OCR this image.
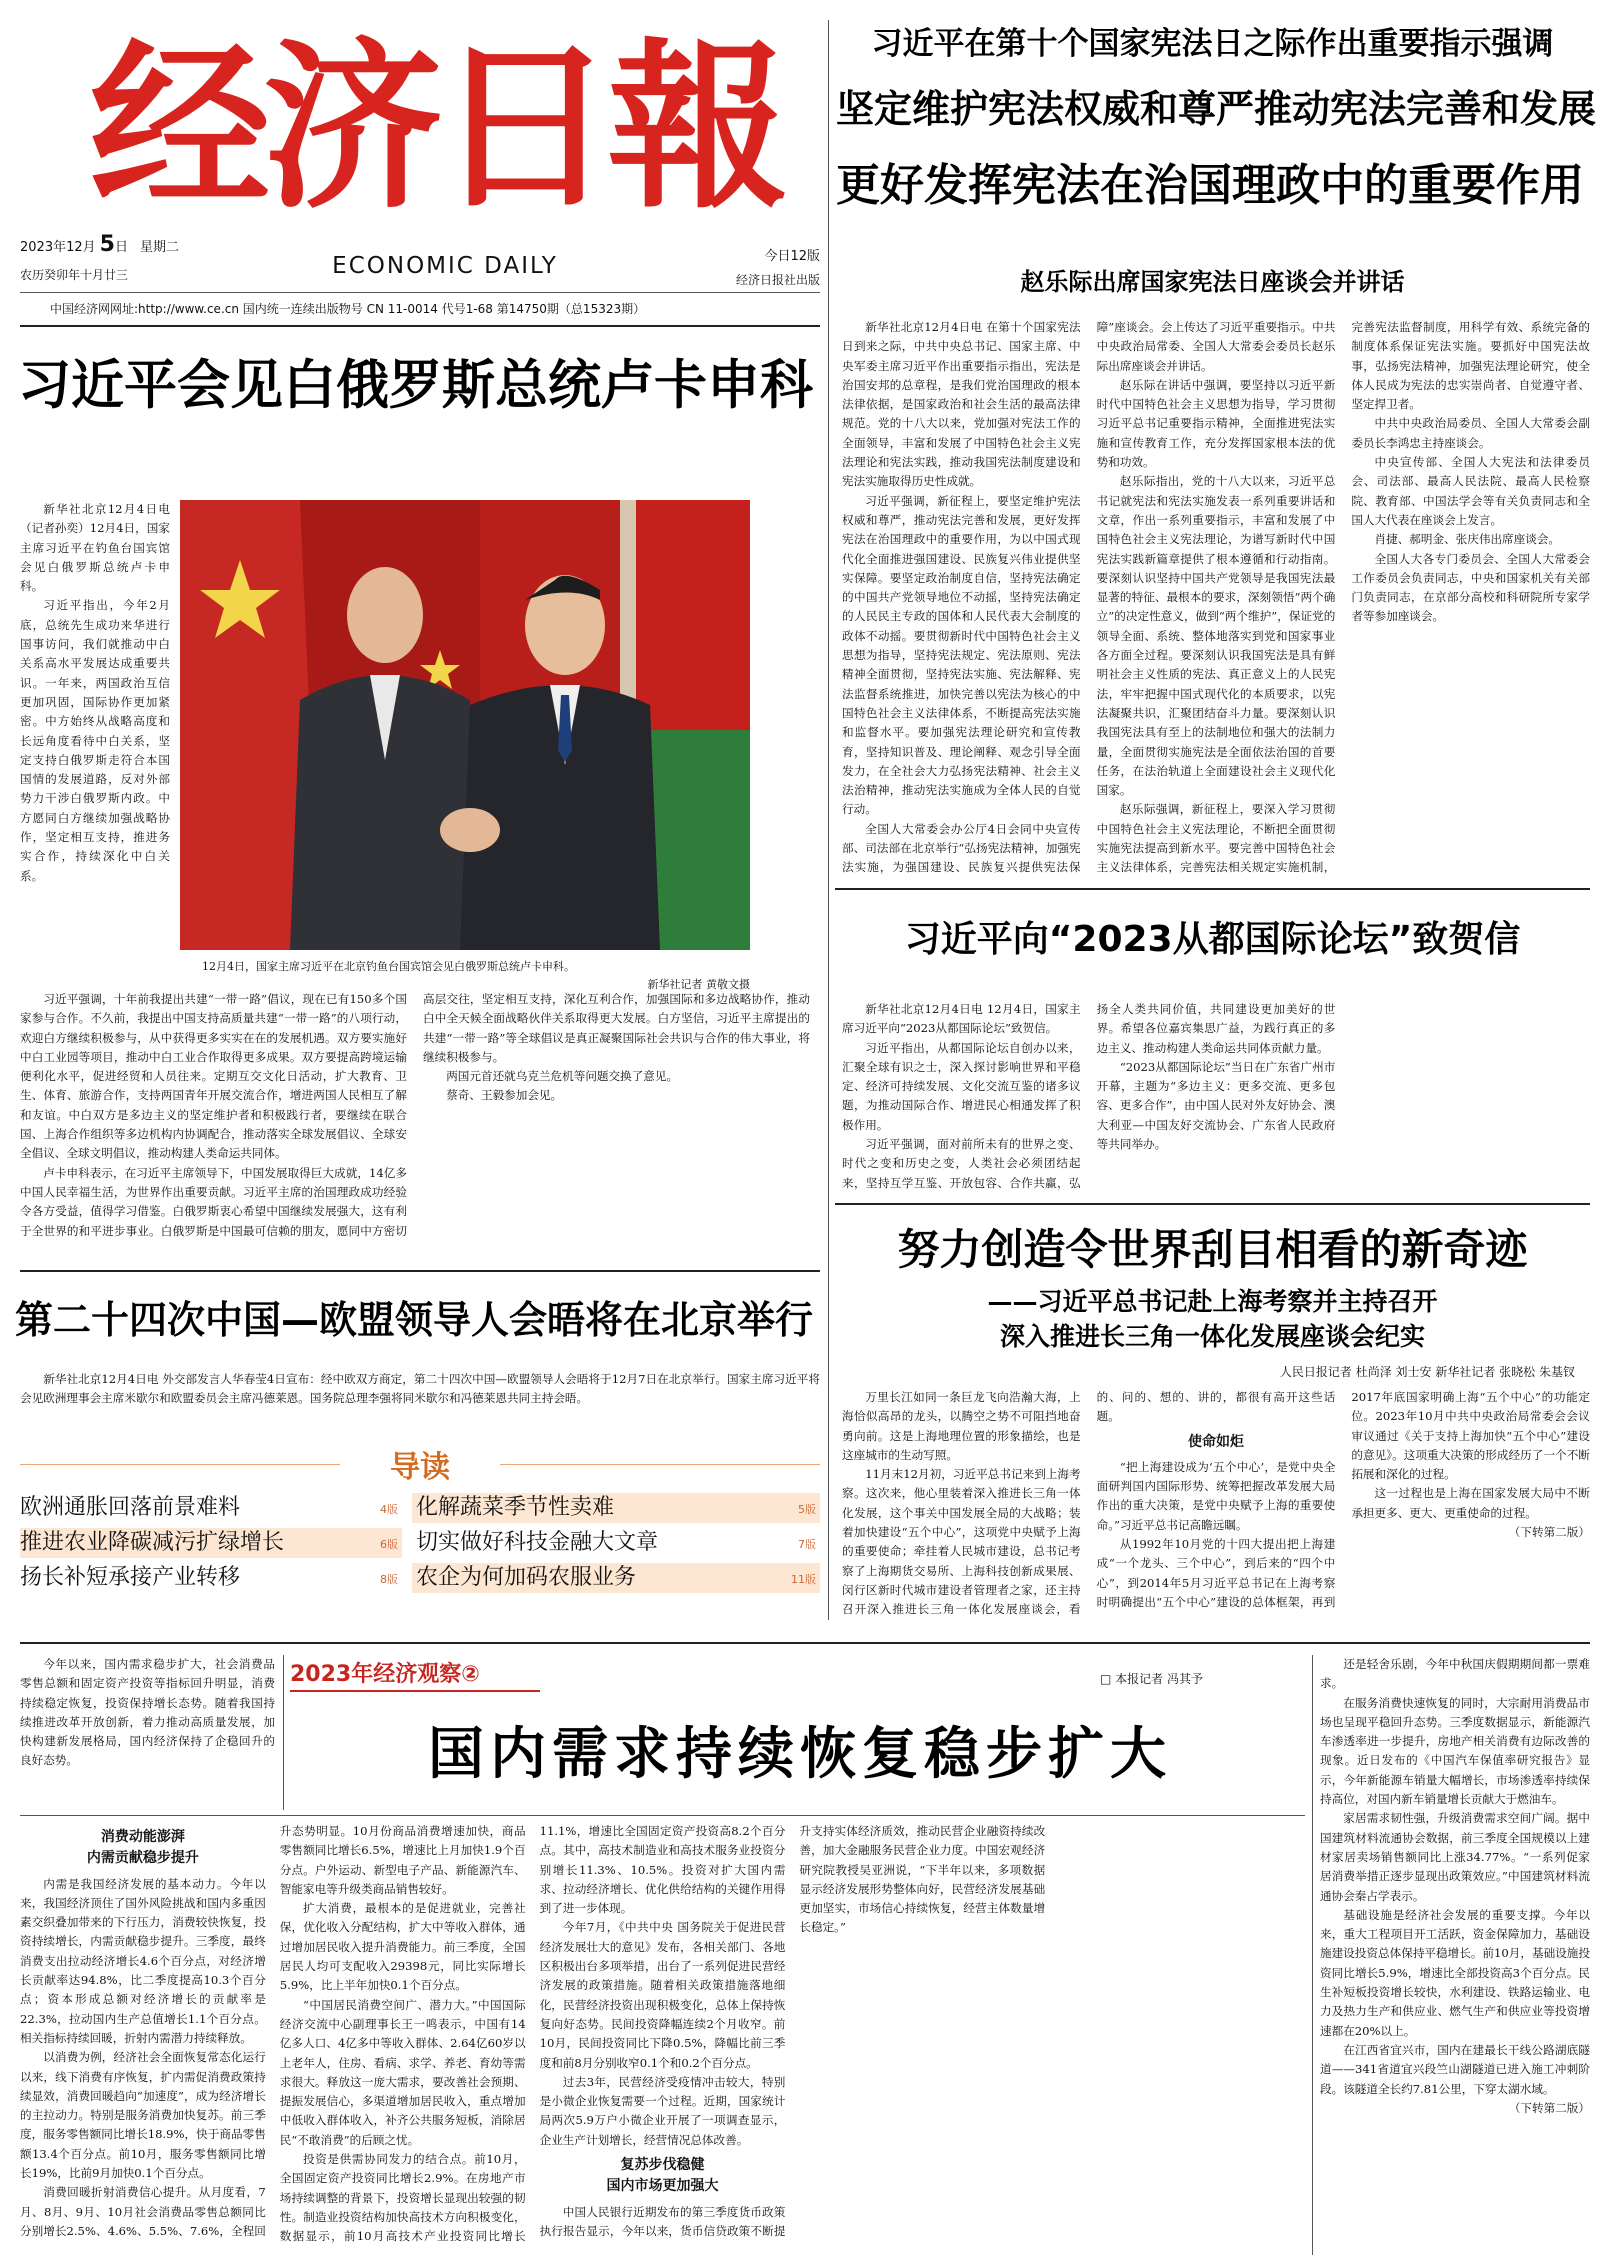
经济日報
2023年12月 5日 星期二
ECONOMIC DAILY
农历癸卯年十月廿三
今日12版
经济日报社出版
中国经济网网址:http://www.ce.cn 国内统一连续出版物号 CN 11-0014 代号1-68 第14750期（总15323期）
习近平会见白俄罗斯总统卢卡申科

新华社北京12月4日电（记者孙奕）12月4日，国家主席习近平在钓鱼台国宾馆会见白俄罗斯总统卢卡申科。

习近平指出，今年2月底，总统先生成功来华进行国事访问，我们就推动中白关系高水平发展达成重要共识。一年来，两国政治互信更加巩固，国际协作更加紧密。中方始终从战略高度和长远角度看待中白关系，坚定支持白俄罗斯走符合本国国情的发展道路，反对外部势力干涉白俄罗斯内政。中方愿同白方继续加强战略协作，坚定相互支持，推进务实合作，持续深化中白关系。

12月4日，国家主席习近平在北京钓鱼台国宾馆会见白俄罗斯总统卢卡申科。
新华社记者 黄敬文摄

习近平强调，十年前我提出共建“一带一路”倡议，现在已有150多个国家参与合作。不久前，我提出中国支持高质量共建“一带一路”的八项行动，欢迎白方继续积极参与，从中获得更多实实在在的发展机遇。双方要实施好中白工业园等项目，推动中白工业合作取得更多成果。双方要提高跨境运输便利化水平，促进经贸和人员往来。定期互交文化日活动，扩大教育、卫生、体育、旅游合作，支持两国青年开展交流合作，增进两国人民相互了解和友谊。中白双方是多边主义的坚定维护者和积极践行者，要继续在联合国、上海合作组织等多边机构内协调配合，推动落实全球发展倡议、全球安全倡议、全球文明倡议，推动构建人类命运共同体。

卢卡申科表示，在习近平主席领导下，中国发展取得巨大成就，14亿多中国人民幸福生活，为世界作出重要贡献。习近平主席的治国理政成功经验令各方受益，值得学习借鉴。白俄罗斯衷心希望中国继续发展强大，这有利于全世界的和平进步事业。白俄罗斯是中国最可信赖的朋友，愿同中方密切高层交往，坚定相互支持，深化互利合作，加强国际和多边战略协作，推动白中全天候全面战略伙伴关系取得更大发展。白方坚信，习近平主席提出的共建“一带一路”等全球倡议是真正凝聚国际社会共识与合作的伟大事业，将继续积极参与。

两国元首还就乌克兰危机等问题交换了意见。

蔡奇、王毅参加会见。

第二十四次中国—欧盟领导人会晤将在北京举行

新华社北京12月4日电 外交部发言人华春莹4日宣布：经中欧双方商定，第二十四次中国—欧盟领导人会晤将于12月7日在北京举行。国家主席习近平将会见欧洲理事会主席米歇尔和欧盟委员会主席冯德莱恩。国务院总理李强将同米歇尔和冯德莱恩共同主持会晤。

导读
欧洲通胀回落前景难料	4版 化解蔬菜季节性卖难	5版
推进农业降碳减污扩绿增长	6版 切实做好科技金融大文章	7版
扬长补短承接产业转移	8版 农企为何加码农服业务	11版
习近平在第十个国家宪法日之际作出重要指示强调
坚定维护宪法权威和尊严推动宪法完善和发展
更好发挥宪法在治国理政中的重要作用
赵乐际出席国家宪法日座谈会并讲话

新华社北京12月4日电 在第十个国家宪法日到来之际，中共中央总书记、国家主席、中央军委主席习近平作出重要指示指出，宪法是治国安邦的总章程，是我们党治国理政的根本法律依据，是国家政治和社会生活的最高法律规范。党的十八大以来，党加强对宪法工作的全面领导，丰富和发展了中国特色社会主义宪法理论和宪法实践，推动我国宪法制度建设和宪法实施取得历史性成就。

习近平强调，新征程上，要坚定维护宪法权威和尊严，推动宪法完善和发展，更好发挥宪法在治国理政中的重要作用，为以中国式现代化全面推进强国建设、民族复兴伟业提供坚实保障。要坚定政治制度自信，坚持宪法确定的中国共产党领导地位不动摇，坚持宪法确定的人民民主专政的国体和人民代表大会制度的政体不动摇。要贯彻新时代中国特色社会主义思想为指导，坚持宪法规定、宪法原则、宪法精神全面贯彻，坚持宪法实施、宪法解释、宪法监督系统推进，加快完善以宪法为核心的中国特色社会主义法律体系，不断提高宪法实施和监督水平。要加强宪法理论研究和宣传教育，坚持知识普及、理论阐释、观念引导全面发力，在全社会大力弘扬宪法精神、社会主义法治精神，推动宪法实施成为全体人民的自觉行动。

全国人大常委会办公厅4日会同中央宣传部、司法部在北京举行“弘扬宪法精神，加强宪法实施，为强国建设、民族复兴提供宪法保障”座谈会。会上传达了习近平重要指示。中共中央政治局常委、全国人大常委会委员长赵乐际出席座谈会并讲话。

赵乐际在讲话中强调，要坚持以习近平新时代中国特色社会主义思想为指导，学习贯彻习近平总书记重要指示精神，全面推进宪法实施和宣传教育工作，充分发挥国家根本法的优势和功效。

赵乐际指出，党的十八大以来，习近平总书记就宪法和宪法实施发表一系列重要讲话和文章，作出一系列重要指示，丰富和发展了中国特色社会主义宪法理论，为谱写新时代中国宪法实践新篇章提供了根本遵循和行动指南。要深刻认识坚持中国共产党领导是我国宪法最显著的特征、最根本的要求，深刻领悟“两个确立”的决定性意义，做到“两个维护”，保证党的领导全面、系统、整体地落实到党和国家事业各方面全过程。要深刻认识我国宪法是具有鲜明社会主义性质的宪法、真正意义上的人民宪法，牢牢把握中国式现代化的本质要求，以宪法凝聚共识，汇聚团结奋斗力量。要深刻认识我国宪法具有至上的法制地位和强大的法制力量，全面贯彻实施宪法是全面依法治国的首要任务，在法治轨道上全面建设社会主义现代化国家。

赵乐际强调，新征程上，要深入学习贯彻中国特色社会主义宪法理论，不断把全面贯彻实施宪法提高到新水平。要完善中国特色社会主义法律体系，完善宪法相关规定实施机制，完善宪法监督制度，用科学有效、系统完备的制度体系保证宪法实施。要抓好中国宪法故事，弘扬宪法精神，加强宪法理论研究，使全体人民成为宪法的忠实崇尚者、自觉遵守者、坚定捍卫者。

中共中央政治局委员、全国人大常委会副委员长李鸿忠主持座谈会。

中央宣传部、全国人大宪法和法律委员会、司法部、最高人民法院、最高人民检察院、教育部、中国法学会等有关负责同志和全国人大代表在座谈会上发言。

肖捷、郝明金、张庆伟出席座谈会。

全国人大各专门委员会、全国人大常委会工作委员会负责同志，中央和国家机关有关部门负责同志，在京部分高校和科研院所专家学者等参加座谈会。

习近平向“2023从都国际论坛”致贺信

新华社北京12月4日电 12月4日，国家主席习近平向“2023从都国际论坛”致贺信。

习近平指出，从都国际论坛自创办以来，汇聚全球有识之士，深入探讨影响世界和平稳定、经济可持续发展、文化交流互鉴的诸多议题，为推动国际合作、增进民心相通发挥了积极作用。

习近平强调，面对前所未有的世界之变、时代之变和历史之变，人类社会必须团结起来，坚持互学互鉴、开放包容、合作共赢，弘扬全人类共同价值，共同建设更加美好的世界。希望各位嘉宾集思广益，为践行真正的多边主义、推动构建人类命运共同体贡献力量。

“2023从都国际论坛”当日在广东省广州市开幕，主题为“多边主义：更多交流、更多包容、更多合作”，由中国人民对外友好协会、澳大利亚—中国友好交流协会、广东省人民政府等共同举办。

努力创造令世界刮目相看的新奇迹
——习近平总书记赴上海考察并主持召开
深入推进长三角一体化发展座谈会纪实
人民日报记者 杜尚泽 刘士安 新华社记者 张晓松 朱基钗

万里长江如同一条巨龙飞向浩瀚大海，上海恰似高昂的龙头，以腾空之势不可阻挡地奋勇向前。这是上海地理位置的形象描绘，也是这座城市的生动写照。

11月末12月初，习近平总书记来到上海考察。这次来，他心里装着深入推进长三角一体化发展，这个事关中国发展全局的大战略；装着加快建设“五个中心”，这项党中央赋予上海的重要使命；牵挂着人民城市建设，总书记考察了上海期货交易所、上海科技创新成果展、闵行区新时代城市建设者管理者之家，还主持召开深入推进长三角一体化发展座谈会，看的、问的、想的、讲的，都很有高开这些话题。

使命如炬

“把上海建设成为‘五个中心’，是党中央全面研判国内国际形势、统筹把握改革发展大局作出的重大决策，是党中央赋予上海的重要使命。”习近平总书记高瞻远瞩。

从1992年10月党的十四大提出把上海建成“一个龙头、三个中心”，到后来的“四个中心”，到2014年5月习近平总书记在上海考察时明确提出“五个中心”建设的总体框架，再到2017年底国家明确上海“五个中心”的功能定位。2023年10月中共中央政治局常委会会议审议通过《关于支持上海加快“五个中心”建设的意见》。这项重大决策的形成经历了一个不断拓展和深化的过程。

这一过程也是上海在国家发展大局中不断承担更多、更大、更重使命的过程。

（下转第二版）

今年以来，国内需求稳步扩大，社会消费品零售总额和固定资产投资等指标回升明显，消费持续稳定恢复，投资保持增长态势。随着我国持续推进改革开放创新，着力推动高质量发展，加快构建新发展格局，国内经济保持了企稳回升的良好态势。

2023年经济观察②	□ 本报记者 冯其予
国内需求持续恢复稳步扩大

消费动能澎湃

内需贡献稳步提升

内需是我国经济发展的基本动力。今年以来，我国经济顶住了国外风险挑战和国内多重因素交织叠加带来的下行压力，消费较快恢复，投资持续增长，内需贡献稳步提升。三季度，最终消费支出拉动经济增长4.6个百分点，对经济增长贡献率达94.8%，比二季度提高10.3个百分点；资本形成总额对经济增长的贡献率是22.3%，拉动国内生产总值增长1.1个百分点。相关指标持续回暖，折射内需潜力持续释放。

以消费为例，经济社会全面恢复常态化运行以来，线下消费有序恢复，扩内需促消费政策持续显效，消费回暖趋向“加速度”，成为经济增长的主拉动力。特别是服务消费加快复苏。前三季度，服务零售额同比增长18.9%，快于商品零售额13.4个百分点。前10月，服务零售额同比增长19%，比前9月加快0.1个百分点。

消费回暖折射消费信心提升。从月度看，7月、8月、9月、10月社会消费品零售总额同比分别增长2.5%、4.6%、5.5%、7.6%，全程回升态势明显。10月份商品消费增速加快，商品零售额同比增长6.5%，增速比上月加快1.9个百分点。户外运动、新型电子产品、新能源汽车、智能家电等升级类商品销售较好。

扩大消费，最根本的是促进就业，完善社保，优化收入分配结构，扩大中等收入群体，通过增加居民收入提升消费能力。前三季度，全国居民人均可支配收入29398元，同比实际增长5.9%，比上半年加快0.1个百分点。

“中国居民消费空间广、潜力大。”中国国际经济交流中心副理事长王一鸣表示，中国有14亿多人口、4亿多中等收入群体、2.64亿60岁以上老年人，住房、看病、求学、养老、育幼等需求很大。释放这一庞大需求，要改善社会预期、提振发展信心，多渠道增加居民收入，重点增加中低收入群体收入，补齐公共服务短板，消除居民“不敢消费”的后顾之忧。

投资是供需协同发力的结合点。前10月，全国固定资产投资同比增长2.9%。在房地产市场持续调整的背景下，投资增长显现出较强的韧性。制造业投资结构加快高技术方向积极变化，数据显示，前10月高技术产业投资同比增长11.1%，增速比全国固定资产投资高8.2个百分点。其中，高技术制造业和高技术服务业投资分别增长11.3%、10.5%。投资对扩大国内需求、拉动经济增长、优化供给结构的关键作用得到了进一步体现。

今年7月，《中共中央 国务院关于促进民营经济发展壮大的意见》发布，各相关部门、各地区积极出台多项举措，出台了一系列促进民营经济发展的政策措施。随着相关政策措施落地细化，民营经济投资出现积极变化，总体上保持恢复向好态势。民间投资降幅连续2个月收窄。前10月，民间投资同比下降0.5%，降幅比前三季度和前8月分别收窄0.1个和0.2个百分点。

过去3年，民营经济受疫情冲击较大，特别是小微企业恢复需要一个过程。近期，国家统计局两次5.9万户小微企业开展了一项调查显示，企业生产计划增长，经营情况总体改善。

复苏步伐稳健

国内市场更加强大

中国人民银行近期发布的第三季度货币政策执行报告显示，今年以来，货币信贷政策不断提升支持实体经济质效，推动民营企业融资持续改善，加大金融服务民营企业力度。中国宏观经济研究院教授吴亚洲说，“下半年以来，多项数据显示经济发展形势整体向好，民营经济发展基础更加坚实，市场信心持续恢复，经营主体数量增长稳定。”

还是轻舍乐剧，今年中秋国庆假期期间都一票难求。

在服务消费快速恢复的同时，大宗耐用消费品市场也呈现平稳回升态势。三季度数据显示，新能源汽车渗透率进一步提升，房地产相关消费有边际改善的现象。近日发布的《中国汽车保值率研究报告》显示，今年新能源车销量大幅增长，市场渗透率持续保持高位，对国内新车销量增长贡献大于燃油车。

家居需求韧性强，升级消费需求空间广阔。据中国建筑材料流通协会数据，前三季度全国规模以上建材家居卖场销售额同比上涨34.77%。“一系列促家居消费举措正逐步显现出政策效应。”中国建筑材料流通协会秦占学表示。

基础设施是经济社会发展的重要支撑。今年以来，重大工程项目开工活跃，资金保障加力，基础设施建设投资总体保持平稳增长。前10月，基础设施投资同比增长5.9%，增速比全部投资高3个百分点。民生补短板投资增长较快，水利建设、铁路运输业、电力及热力生产和供应业、燃气生产和供应业等投资增速都在20%以上。

在江西省宜兴市，国内在建最长干线公路湖底隧道——341省道宜兴段竺山湖隧道已进入施工冲刺阶段。该隧道全长约7.81公里，下穿太湖水域。

（下转第二版）
